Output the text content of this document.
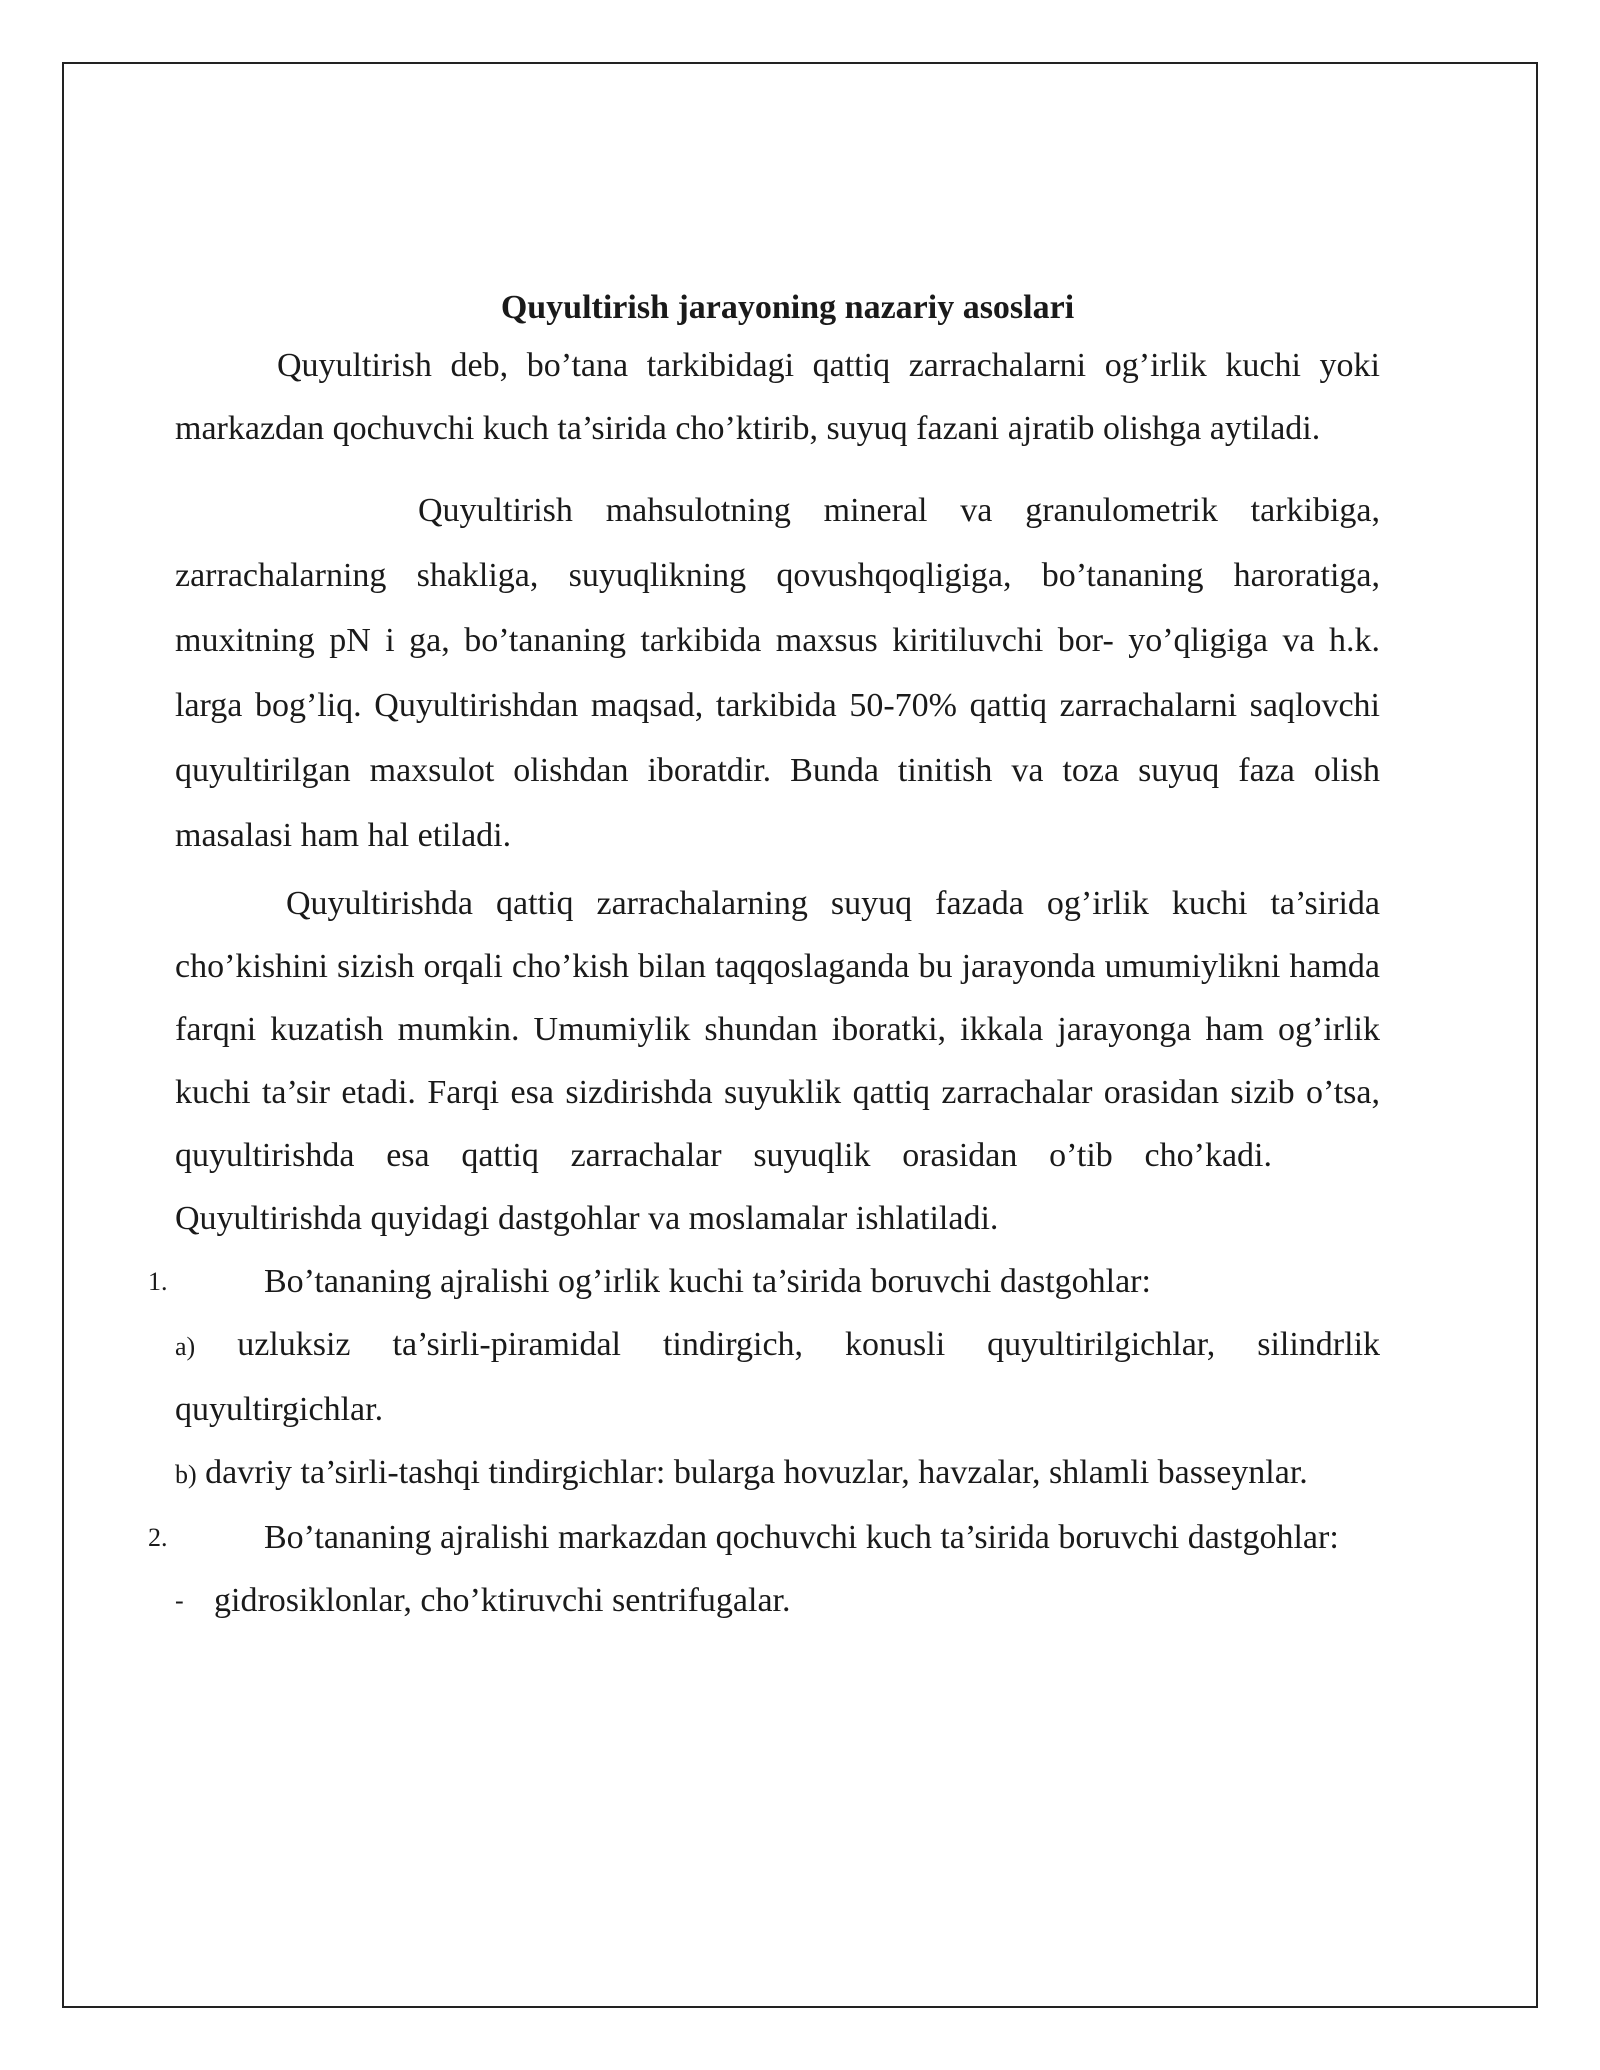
Quyultirish jarayoning nazariy asoslari

Quyultirish deb, bo’tana tarkibidagi qattiq zarrachalarni og’irlik kuchi yoki markazdan qochuvchi kuch ta’sirida cho’ktirib, suyuq fazani ajratib olishga aytiladi.

Quyultirish mahsulotning mineral va granulometrik tarkibiga, zarrachalarning shakliga, suyuqlikning qovushqoqligiga, bo’tananing haroratiga, muxitning pN i ga, bo’tananing tarkibida maxsus kiritiluvchi bor- yo’qligiga va h.k. larga bog’liq. Quyultirishdan maqsad, tarkibida 50-70% qattiq zarrachalarni saqlovchi quyultirilgan maxsulot olishdan iboratdir. Bunda tinitish va toza suyuq faza olish masalasi ham hal etiladi.

Quyultirishda qattiq zarrachalarning suyuq fazada og’irlik kuchi ta’sirida cho’kishini sizish orqali cho’kish bilan taqqoslaganda bu jarayonda umumiylikni hamda farqni kuzatish mumkin. Umumiylik shundan iboratki, ikkala jarayonga ham og’irlik kuchi ta’sir etadi. Farqi esa sizdirishda suyuklik qattiq zarrachalar orasidan sizib o’tsa, quyultirishda esa qattiq zarrachalar suyuqlik orasidan o’tib cho’kadi.Quyultirishda quyidagi dastgohlar va moslamalar ishlatiladi.

1.	Bo’tananing ajralishi og’irlik kuchi ta’sirida boruvchi dastgohlar:

a) uzluksiz ta’sirli-piramidal tindirgich, konusli quyultirilgichlar, silindrlik quyultirgichlar.

b) davriy ta’sirli-tashqi tindirgichlar: bularga hovuzlar, havzalar, shlamli basseynlar.

2.	Bo’tananing ajralishi markazdan qochuvchi kuch ta’sirida boruvchi dastgohlar:
- gidrosiklonlar, cho’ktiruvchi sentrifugalar.
